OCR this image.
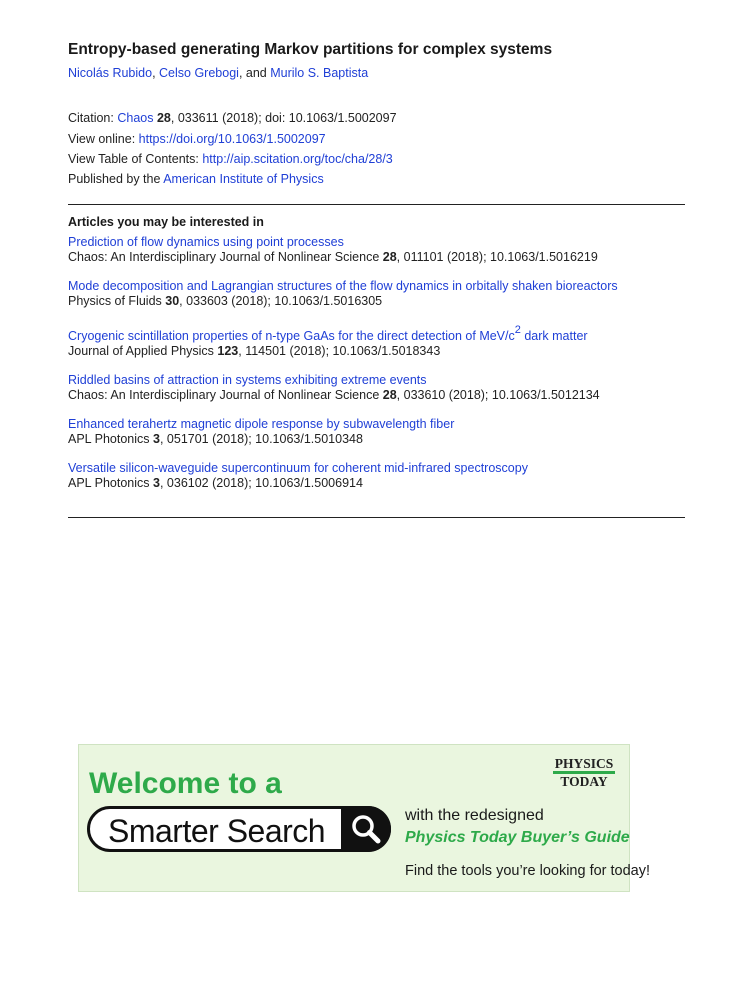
Entropy-based generating Markov partitions for complex systems
Nicolás Rubido, Celso Grebogi, and Murilo S. Baptista
Citation: Chaos 28, 033611 (2018); doi: 10.1063/1.5002097
View online: https://doi.org/10.1063/1.5002097
View Table of Contents: http://aip.scitation.org/toc/cha/28/3
Published by the American Institute of Physics
Articles you may be interested in
Prediction of flow dynamics using point processes
Chaos: An Interdisciplinary Journal of Nonlinear Science 28, 011101 (2018); 10.1063/1.5016219
Mode decomposition and Lagrangian structures of the flow dynamics in orbitally shaken bioreactors
Physics of Fluids 30, 033603 (2018); 10.1063/1.5016305
Cryogenic scintillation properties of n-type GaAs for the direct detection of MeV/$c^2$ dark matter
Journal of Applied Physics 123, 114501 (2018); 10.1063/1.5018343
Riddled basins of attraction in systems exhibiting extreme events
Chaos: An Interdisciplinary Journal of Nonlinear Science 28, 033610 (2018); 10.1063/1.5012134
Enhanced terahertz magnetic dipole response by subwavelength fiber
APL Photonics 3, 051701 (2018); 10.1063/1.5010348
Versatile silicon-waveguide supercontinuum for coherent mid-infrared spectroscopy
APL Photonics 3, 036102 (2018); 10.1063/1.5006914
Welcome to a
Smarter Search	with the redesigned
Physics Today Buyer’s Guide
Find the tools you’re looking for today!
PHYSICS
TODAY
